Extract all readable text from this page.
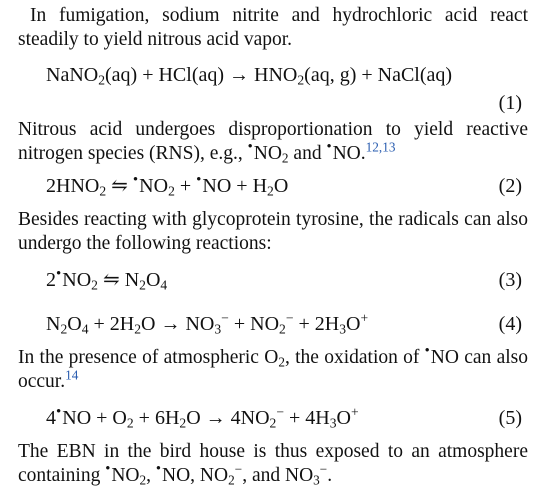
In fumigation, sodium nitrite and hydrochloric acid react steadily to yield nitrous acid vapor.
NaNO$_2$(aq) + $HCl(aq) \to HNO_2(aq$, g) + NaCl(aq)
(1)
Nitrous acid undergoes disproportionation to yield reactive nitrogen species (RNS), e.g., $^•NO_2$ and •NO.$^{12,13}$
$2HNO_2$ ⇋ $^•NO_2 + ^•NO + H_2O$	(2)
Besides reacting with glycoprotein tyrosine, the radicals can also undergo the following reactions:
$2^•NO_2$ ⇋ $N_2O_4$	(3)
$N_2O_4 + 2H_2O \to NO_3^- + NO_2^- + 2H_3O^+$	(4)
In the presence of atmospheric $O_2$, the oxidation of •NO can also occur.$^{14}$
$4^•NO + O_2 + 6H_2O \to 4NO_2^- + 4H_3O^+$	(5)
The EBN in the bird house is thus exposed to an atmosphere containing $^•NO_2$, •NO, $NO_2^-$, and $NO_3^-$.
